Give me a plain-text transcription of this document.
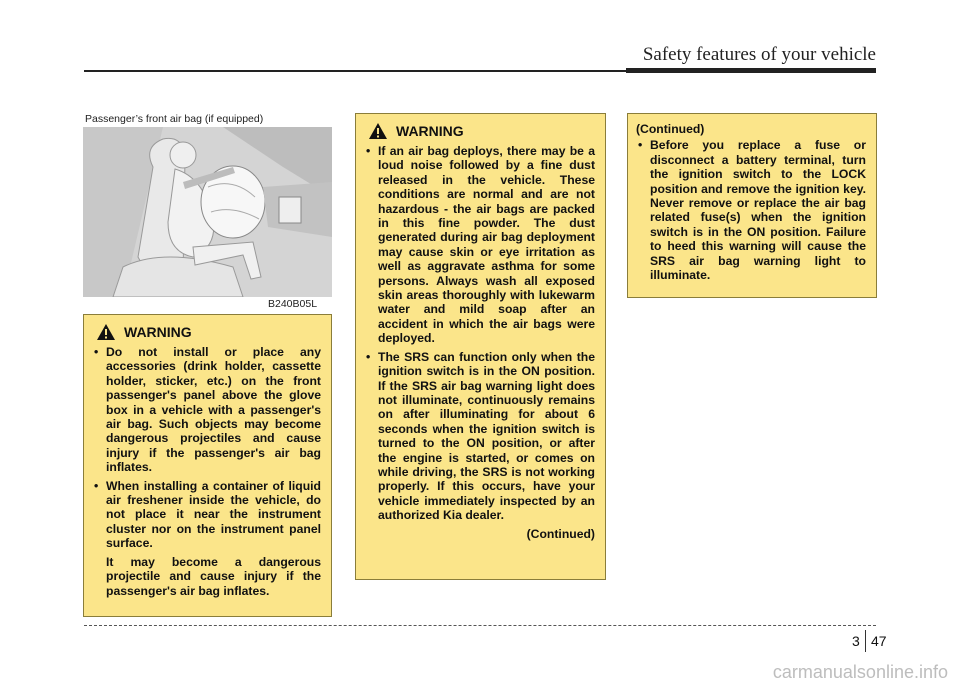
Safety features of your vehicle
Passenger’s front air bag (if equipped)
B240B05L
WARNING
• Do not install or place any accessories (drink holder, cassette holder, sticker, etc.) on the front passenger's panel above the glove box in a vehicle with a passenger's air bag. Such objects may become dangerous projectiles and cause injury if the passenger's air bag inflates.
• When installing a container of liquid air freshener inside the vehicle, do not place it near the instrument cluster nor on the instrument panel surface.
It may become a dangerous projectile and cause injury if the passenger's air bag inflates.
WARNING
• If an air bag deploys, there may be a loud noise followed by a fine dust released in the vehicle. These conditions are normal and are not hazardous - the air bags are packed in this fine powder. The dust generated during air bag deployment may cause skin or eye irritation as well as aggravate asthma for some persons. Always wash all exposed skin areas thoroughly with lukewarm water and mild soap after an accident in which the air bags were deployed.
• The SRS can function only when the ignition switch is in the ON position. If the SRS air bag warning light does not illuminate, continuously remains on after illuminating for about 6 seconds when the ignition switch is turned to the ON position, or after the engine is started, or comes on while driving, the SRS is not working properly. If this occurs, have your vehicle immediately inspected by an authorized Kia dealer.
(Continued)
(Continued)
• Before you replace a fuse or disconnect a battery terminal, turn the ignition switch to the LOCK position and remove the ignition key. Never remove or replace the air bag related fuse(s) when the ignition switch is in the ON position. Failure to heed this warning will cause the SRS air bag warning light to illuminate.
3 47
carmanualsonline.info
